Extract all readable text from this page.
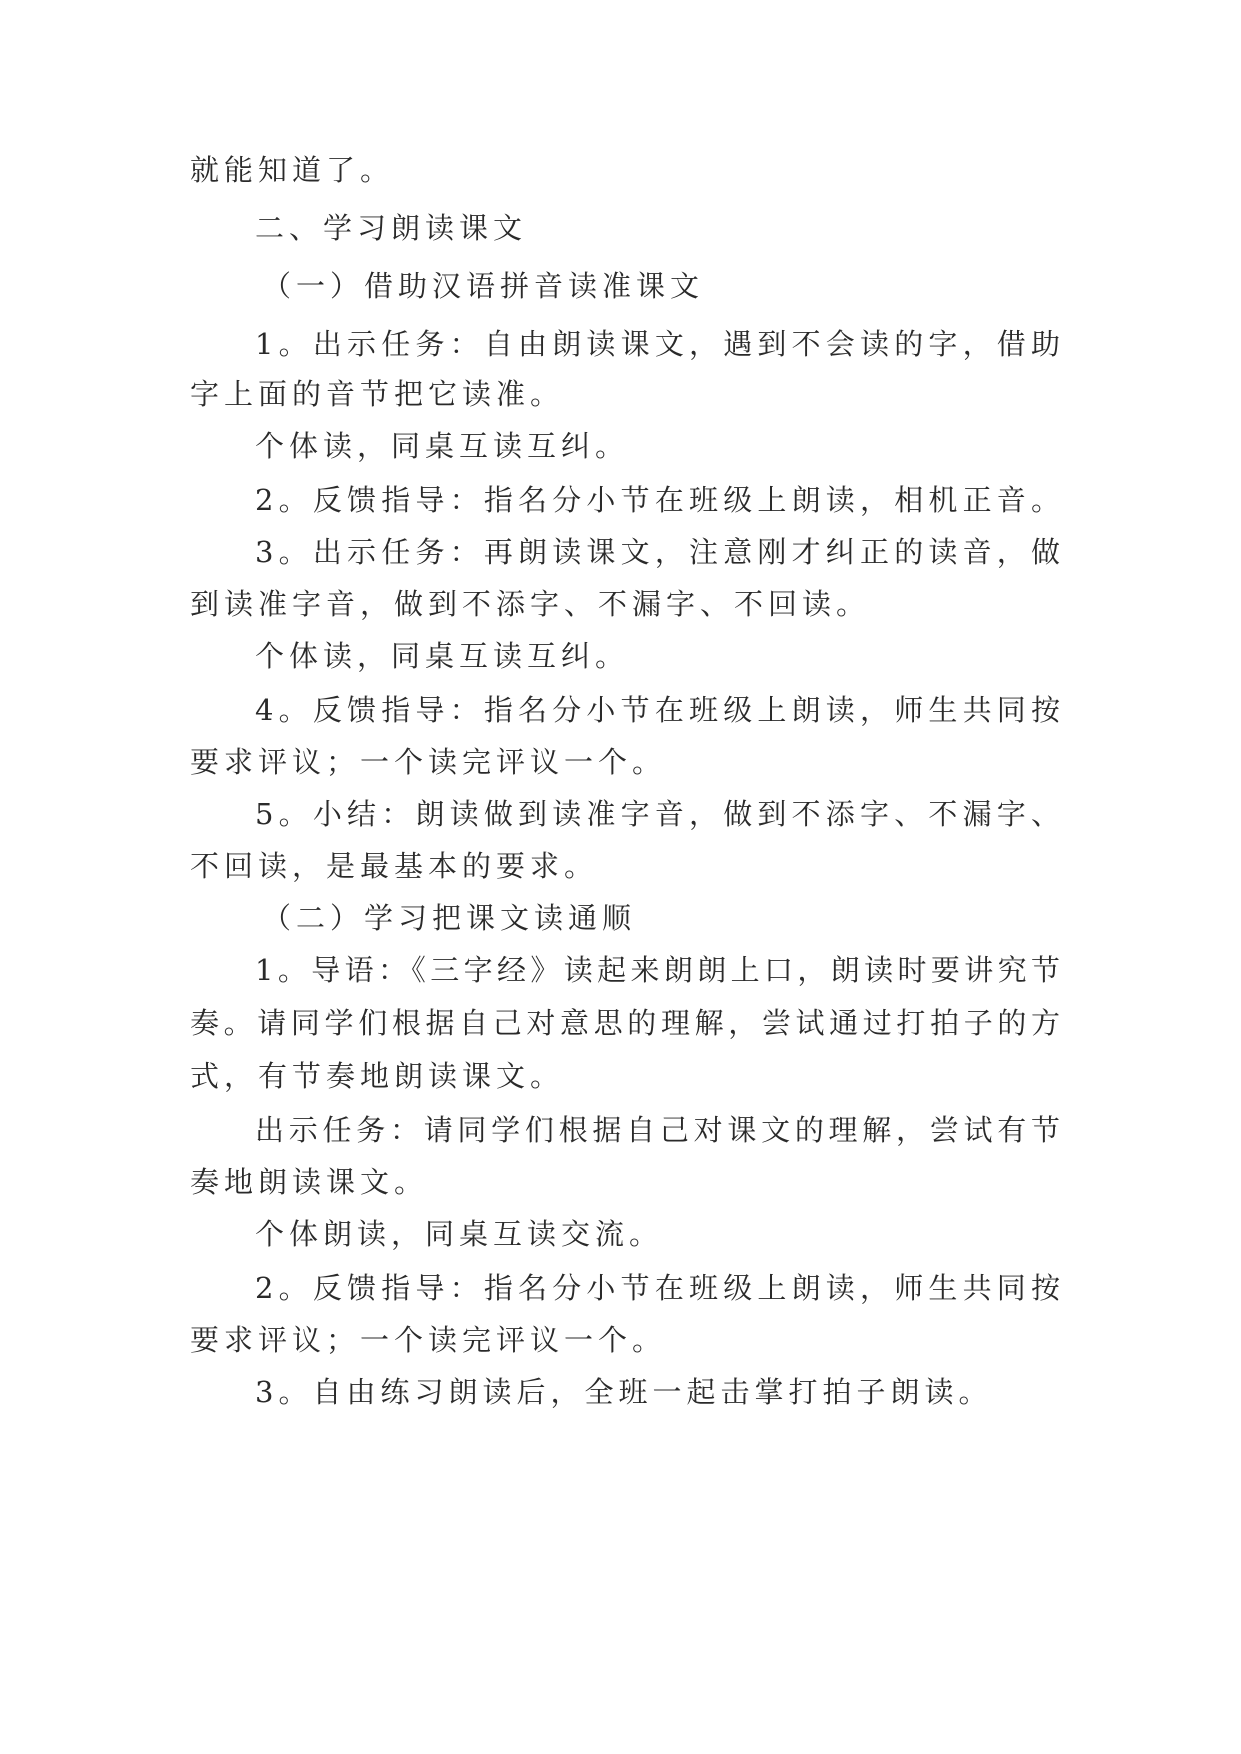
就能知道了。
二、学习朗读课文
（一）借助汉语拼音读准课文
1。出示任务：自由朗读课文，遇到不会读的字，借助
字上面的音节把它读准。
个体读，同桌互读互纠。
2。反馈指导：指名分小节在班级上朗读，相机正音。
3。出示任务：再朗读课文，注意刚才纠正的读音，做
到读准字音，做到不添字、不漏字、不回读。
个体读，同桌互读互纠。
4。反馈指导：指名分小节在班级上朗读，师生共同按
要求评议；一个读完评议一个。
5。小结：朗读做到读准字音，做到不添字、不漏字、
不回读，是最基本的要求。
（二）学习把课文读通顺
1。导语：《三字经》读起来朗朗上口，朗读时要讲究节
奏。请同学们根据自己对意思的理解，尝试通过打拍子的方
式，有节奏地朗读课文。
出示任务：请同学们根据自己对课文的理解，尝试有节
奏地朗读课文。
个体朗读，同桌互读交流。
2。反馈指导：指名分小节在班级上朗读，师生共同按
要求评议；一个读完评议一个。
3。自由练习朗读后，全班一起击掌打拍子朗读。
